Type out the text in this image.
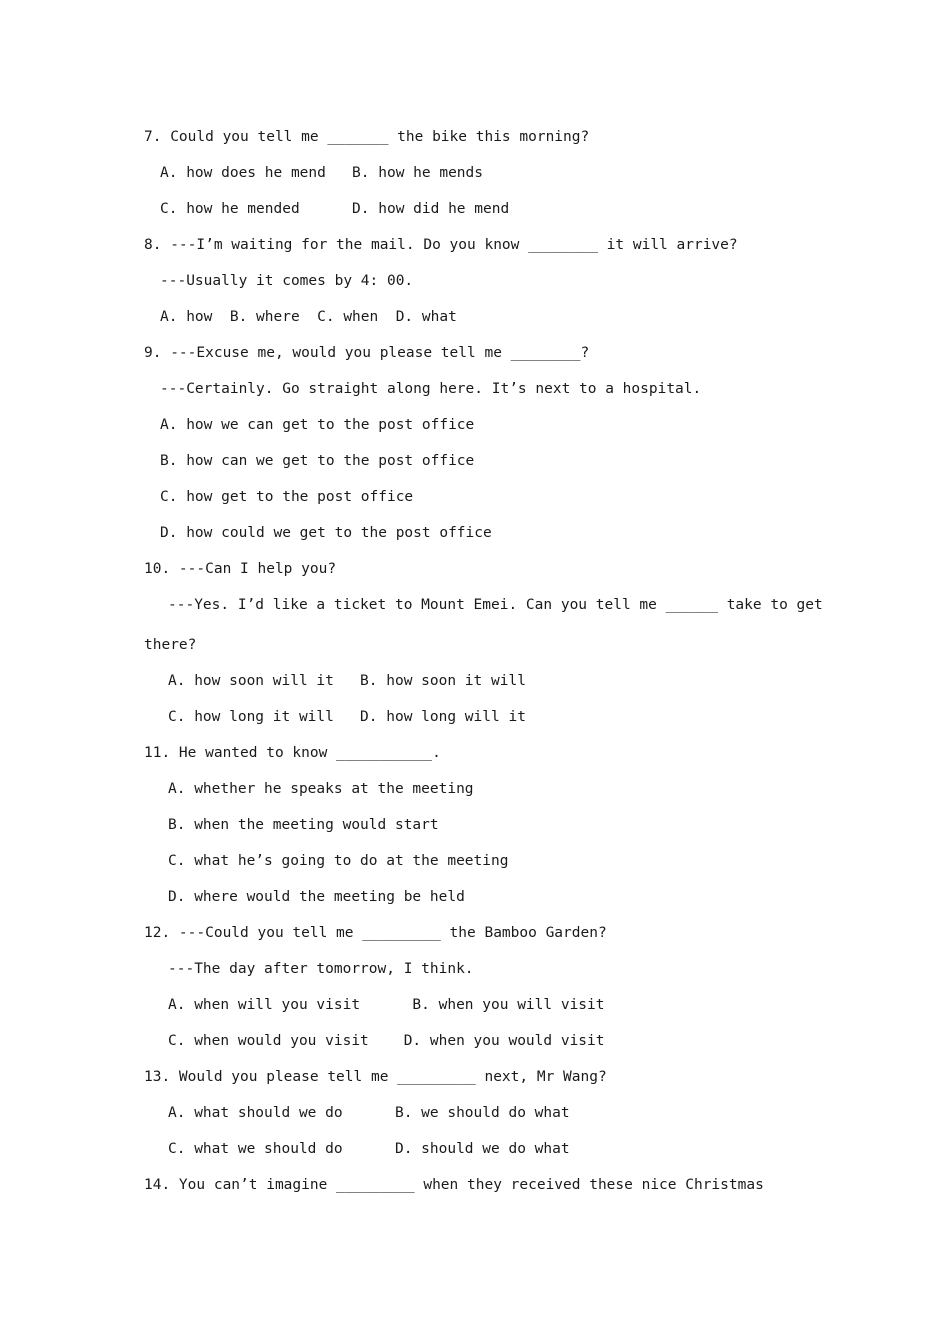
7. Could you tell me _______ the bike this morning?
A. how does he mend   B. how he mends
C. how he mended      D. how did he mend
8. ---I’m waiting for the mail. Do you know ________ it will arrive?
---Usually it comes by 4: 00.
A. how  B. where  C. when  D. what
9. ---Excuse me, would you please tell me ________?
---Certainly. Go straight along here. It’s next to a hospital.
A. how we can get to the post office
B. how can we get to the post office
C. how get to the post office
D. how could we get to the post office
10. ---Can I help you?
---Yes. I’d like a ticket to Mount Emei. Can you tell me ______ take to get
there?
A. how soon will it   B. how soon it will
C. how long it will   D. how long will it
11. He wanted to know ___________.
A. whether he speaks at the meeting
B. when the meeting would start
C. what he’s going to do at the meeting
D. where would the meeting be held
12. ---Could you tell me _________ the Bamboo Garden?
---The day after tomorrow, I think.
A. when will you visit      B. when you will visit
C. when would you visit    D. when you would visit
13. Would you please tell me _________ next, Mr Wang?
A. what should we do      B. we should do what
C. what we should do      D. should we do what
14. You can’t imagine _________ when they received these nice Christmas
